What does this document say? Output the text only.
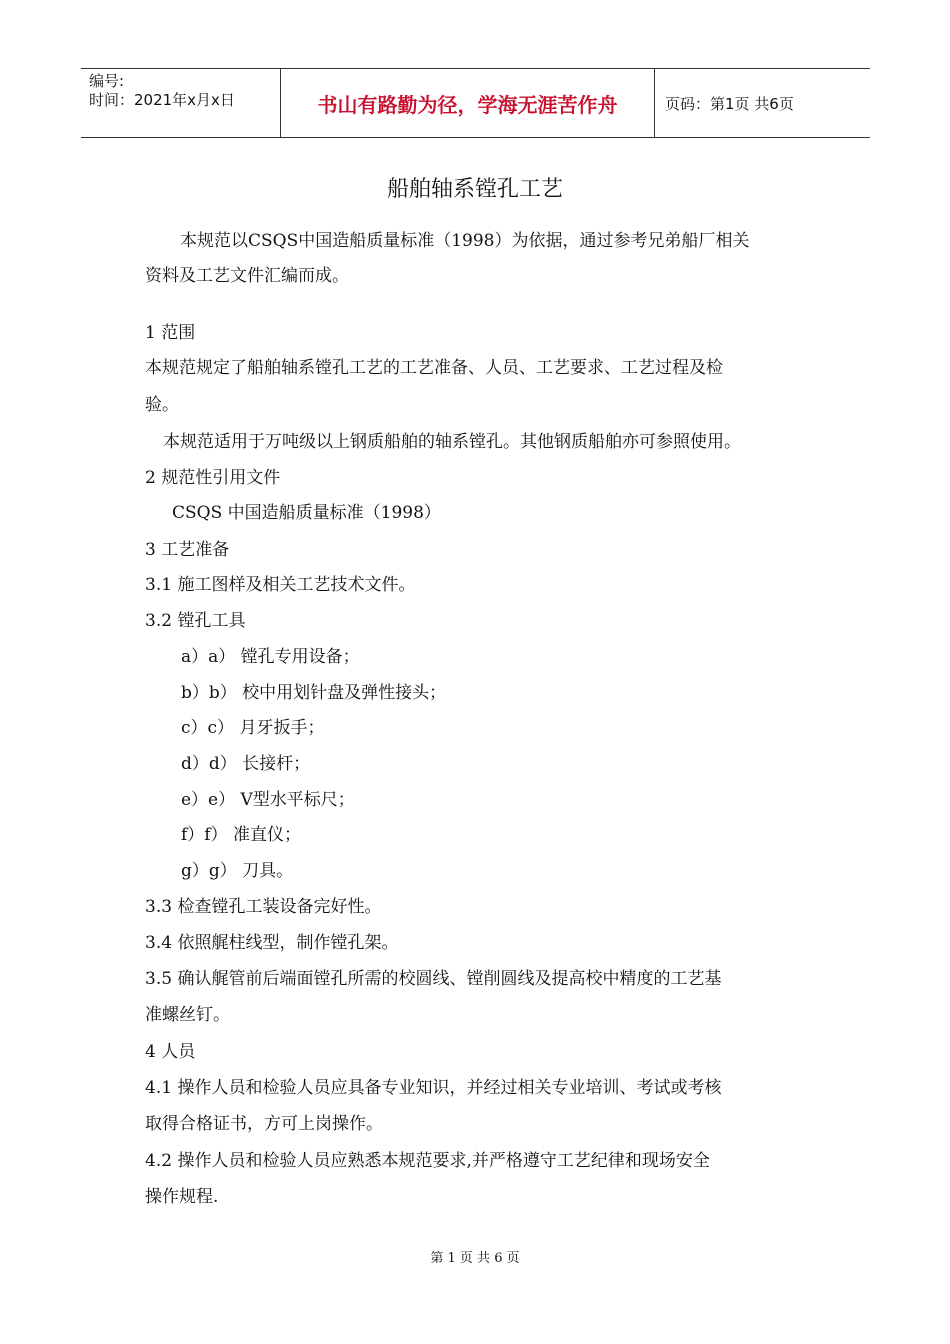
编号:
时间：2021年x月x日	书山有路勤为径，学海无涯苦作舟	页码：第1页 共6页
船舶轴系镗孔工艺
本规范以CSQS中国造船质量标准（1998）为依据，通过参考兄弟船厂相关
资料及工艺文件汇编而成。
1 范围
本规范规定了船舶轴系镗孔工艺的工艺准备、人员、工艺要求、工艺过程及检
验。
本规范适用于万吨级以上钢质船舶的轴系镗孔。其他钢质船舶亦可参照使用。
2 规范性引用文件
CSQS 中国造船质量标准（1998）
3 工艺准备
3.1 施工图样及相关工艺技术文件。
3.2 镗孔工具
a）a） 镗孔专用设备；
b）b） 校中用划针盘及弹性接头；
c）c） 月牙扳手；
d）d） 长接杆；
e）e） V型水平标尺；
f）f） 准直仪；
g）g） 刀具。
3.3 检查镗孔工装设备完好性。
3.4 依照艉柱线型，制作镗孔架。
3.5 确认艉管前后端面镗孔所需的校圆线、镗削圆线及提高校中精度的工艺基
准螺丝钉。
4 人员
4.1 操作人员和检验人员应具备专业知识，并经过相关专业培训、考试或考核
取得合格证书，方可上岗操作。
4.2 操作人员和检验人员应熟悉本规范要求,并严格遵守工艺纪律和现场安全
操作规程.
第 1 页 共 6 页
